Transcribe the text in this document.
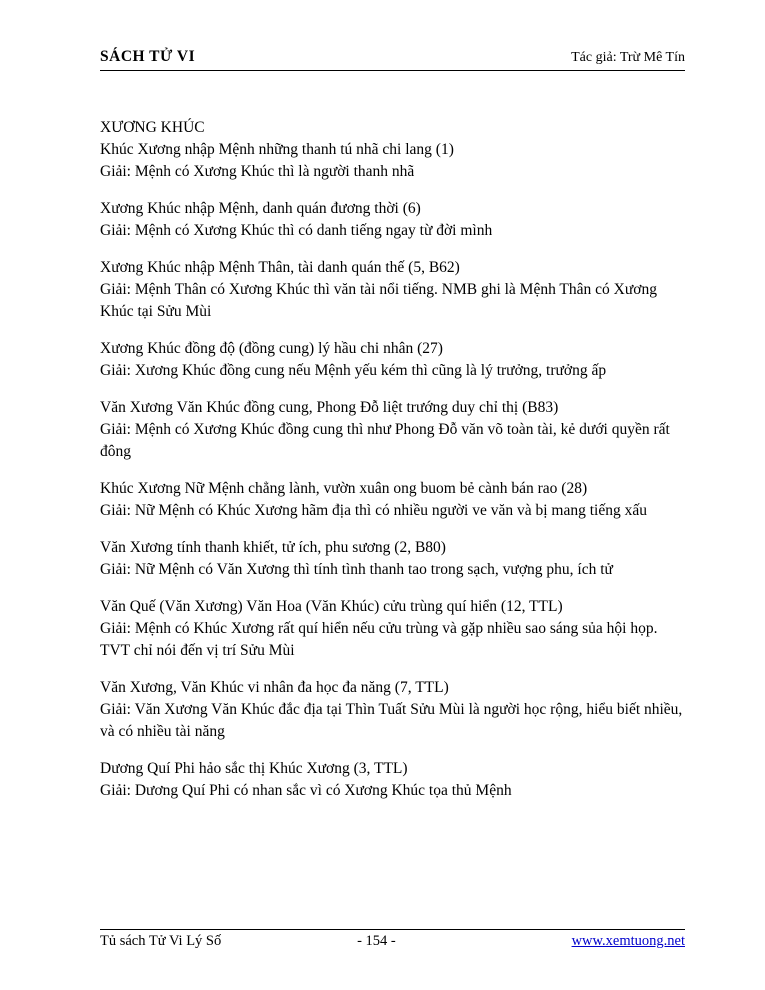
SÁCH TỬ VI	Tác giả: Trừ Mê Tín

XƯƠNG KHÚC

Khúc Xương nhập Mệnh những thanh tú nhã chi lang (1)

Giải: Mệnh có Xương Khúc thì là người thanh nhã

Xương Khúc nhập Mệnh, danh quán đương thời (6)

Giải: Mệnh có Xương Khúc thì có danh tiếng ngay từ đời mình

Xương Khúc nhập Mệnh Thân, tài danh quán thế (5, B62)

Giải: Mệnh Thân có Xương Khúc thì văn tài nổi tiếng. NMB ghi là Mệnh Thân có Xương Khúc tại Sửu Mùi

Xương Khúc đồng độ (đồng cung) lý hầu chi nhân (27)

Giải: Xương Khúc đồng cung nếu Mệnh yếu kém thì cũng là lý trưởng, trưởng ấp

Văn Xương Văn Khúc đồng cung, Phong Đỗ liệt trướng duy chỉ thị (B83)

Giải: Mệnh có Xương Khúc đồng cung thì như Phong Đỗ văn võ toàn tài, kẻ dưới quyền rất đông

Khúc Xương Nữ Mệnh chẳng lành, vườn xuân ong buom bẻ cành bán rao (28)

Giải: Nữ Mệnh có Khúc Xương hãm địa thì có nhiều người ve văn và bị mang tiếng xấu

Văn Xương tính thanh khiết, tử ích, phu sương (2, B80)

Giải: Nữ Mệnh có Văn Xương thì tính tình thanh tao trong sạch, vượng phu, ích tử

Văn Quế (Văn Xương) Văn Hoa (Văn Khúc) cửu trùng quí hiển (12, TTL)

Giải: Mệnh có Khúc Xương rất quí hiển nếu cửu trùng và gặp nhiều sao sáng sủa hội họp. TVT chỉ nói đến vị trí Sửu Mùi

Văn Xương, Văn Khúc vi nhân đa học đa năng (7, TTL)

Giải: Văn Xương Văn Khúc đắc địa tại Thìn Tuất Sửu Mùi là người học rộng, hiểu biết nhiều, và có nhiều tài năng

Dương Quí Phi hảo sắc thị Khúc Xương (3, TTL)

Giải: Dương Quí Phi có nhan sắc vì có Xương Khúc tọa thủ Mệnh

Tủ sách Tử Vi Lý Số	- 154 -	www.xemtuong.net
